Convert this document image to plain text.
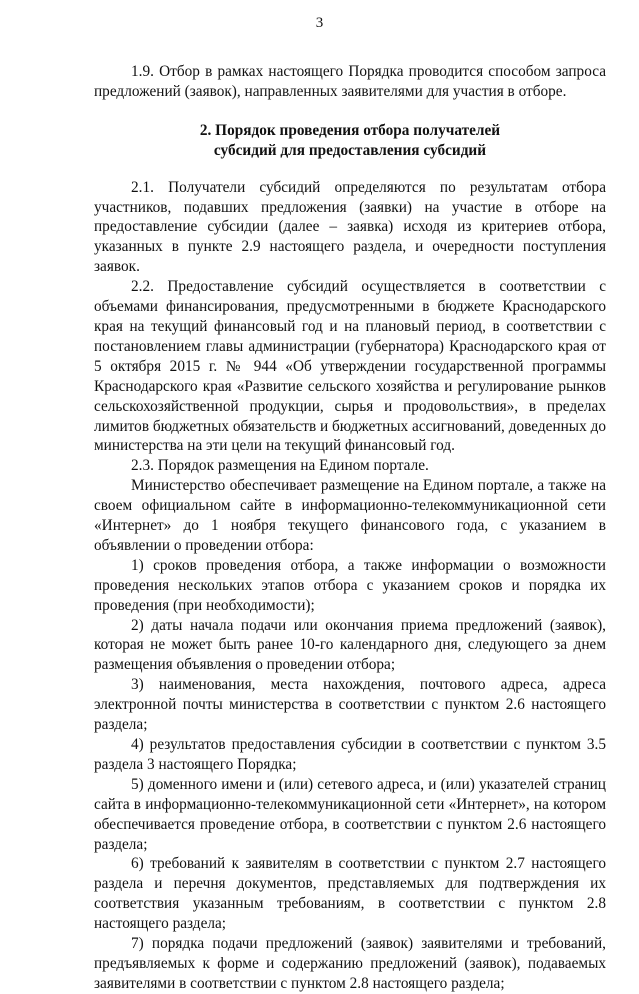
3

1.9. Отбор в рамках настоящего Порядка проводится способом запроса предложений (заявок), направленных заявителями для участия в отборе.

2. Порядок проведения отбора получателей
субсидий для предоставления субсидий

2.1. Получатели субсидий определяются по результатам отбора участников, подавших предложения (заявки) на участие в отборе на предоставление субсидии (далее – заявка) исходя из критериев отбора, указанных в пункте 2.9 настоящего раздела, и очередности поступления заявок.

2.2. Предоставление субсидий осуществляется в соответствии с объемами финансирования, предусмотренными в бюджете Краснодарского края на текущий финансовый год и на плановый период, в соответствии с постановлением главы администрации (губернатора) Краснодарского края от 5 октября 2015 г. № 944 «Об утверждении государственной программы Краснодарского края «Развитие сельского хозяйства и регулирование рынков сельскохозяйственной продукции, сырья и продовольствия», в пределах лимитов бюджетных обязательств и бюджетных ассигнований, доведенных до министерства на эти цели на текущий финансовый год.

2.3. Порядок размещения на Едином портале.

Министерство обеспечивает размещение на Едином портале, а также на своем официальном сайте в информационно-телекоммуникационной сети «Интернет» до 1 ноября текущего финансового года, с указанием в объявлении о проведении отбора:

1) сроков проведения отбора, а также информации о возможности проведения нескольких этапов отбора с указанием сроков и порядка их проведения (при необходимости);

2) даты начала подачи или окончания приема предложений (заявок), которая не может быть ранее 10-го календарного дня, следующего за днем размещения объявления о проведении отбора;

3) наименования, места нахождения, почтового адреса, адреса электронной почты министерства в соответствии с пунктом 2.6 настоящего раздела;

4) результатов предоставления субсидии в соответствии с пунктом 3.5 раздела 3 настоящего Порядка;

5) доменного имени и (или) сетевого адреса, и (или) указателей страниц сайта в информационно-телекоммуникационной сети «Интернет», на котором обеспечивается проведение отбора, в соответствии с пунктом 2.6 настоящего раздела;

6) требований к заявителям в соответствии с пунктом 2.7 настоящего раздела и перечня документов, представляемых для подтверждения их соответствия указанным требованиям, в соответствии с пунктом 2.8 настоящего раздела;

7) порядка подачи предложений (заявок) заявителями и требований, предъявляемых к форме и содержанию предложений (заявок), подаваемых заявителями в соответствии с пунктом 2.8 настоящего раздела;
